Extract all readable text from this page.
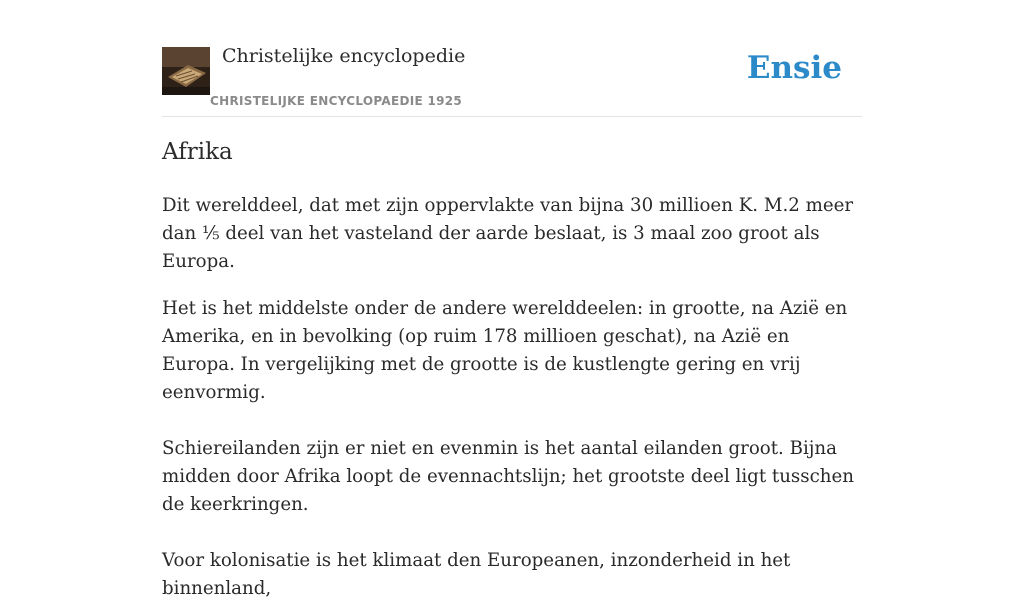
Christelijke encyclopedie
CHRISTELIJKE ENCYCLOPAEDIE 1925
Ensie
Afrika

Dit werelddeel, dat met zijn oppervlakte van bijna 30 millioen K. M.2 meer dan ⅕ deel van het vasteland der aarde beslaat, is 3 maal zoo groot als Europa.

Het is het middelste onder de andere werelddeelen: in grootte, na Azië en Amerika, en in bevolking (op ruim 178 millioen geschat), na Azië en Europa. In vergelijking met de grootte is de kustlengte gering en vrij eenvormig.

Schiereilanden zijn er niet en evenmin is het aantal eilanden groot. Bijna midden door Afrika loopt de evennachtslijn; het grootste deel ligt tusschen de keerkringen.

Voor kolonisatie is het klimaat den Europeanen, inzonderheid in het binnenland,
